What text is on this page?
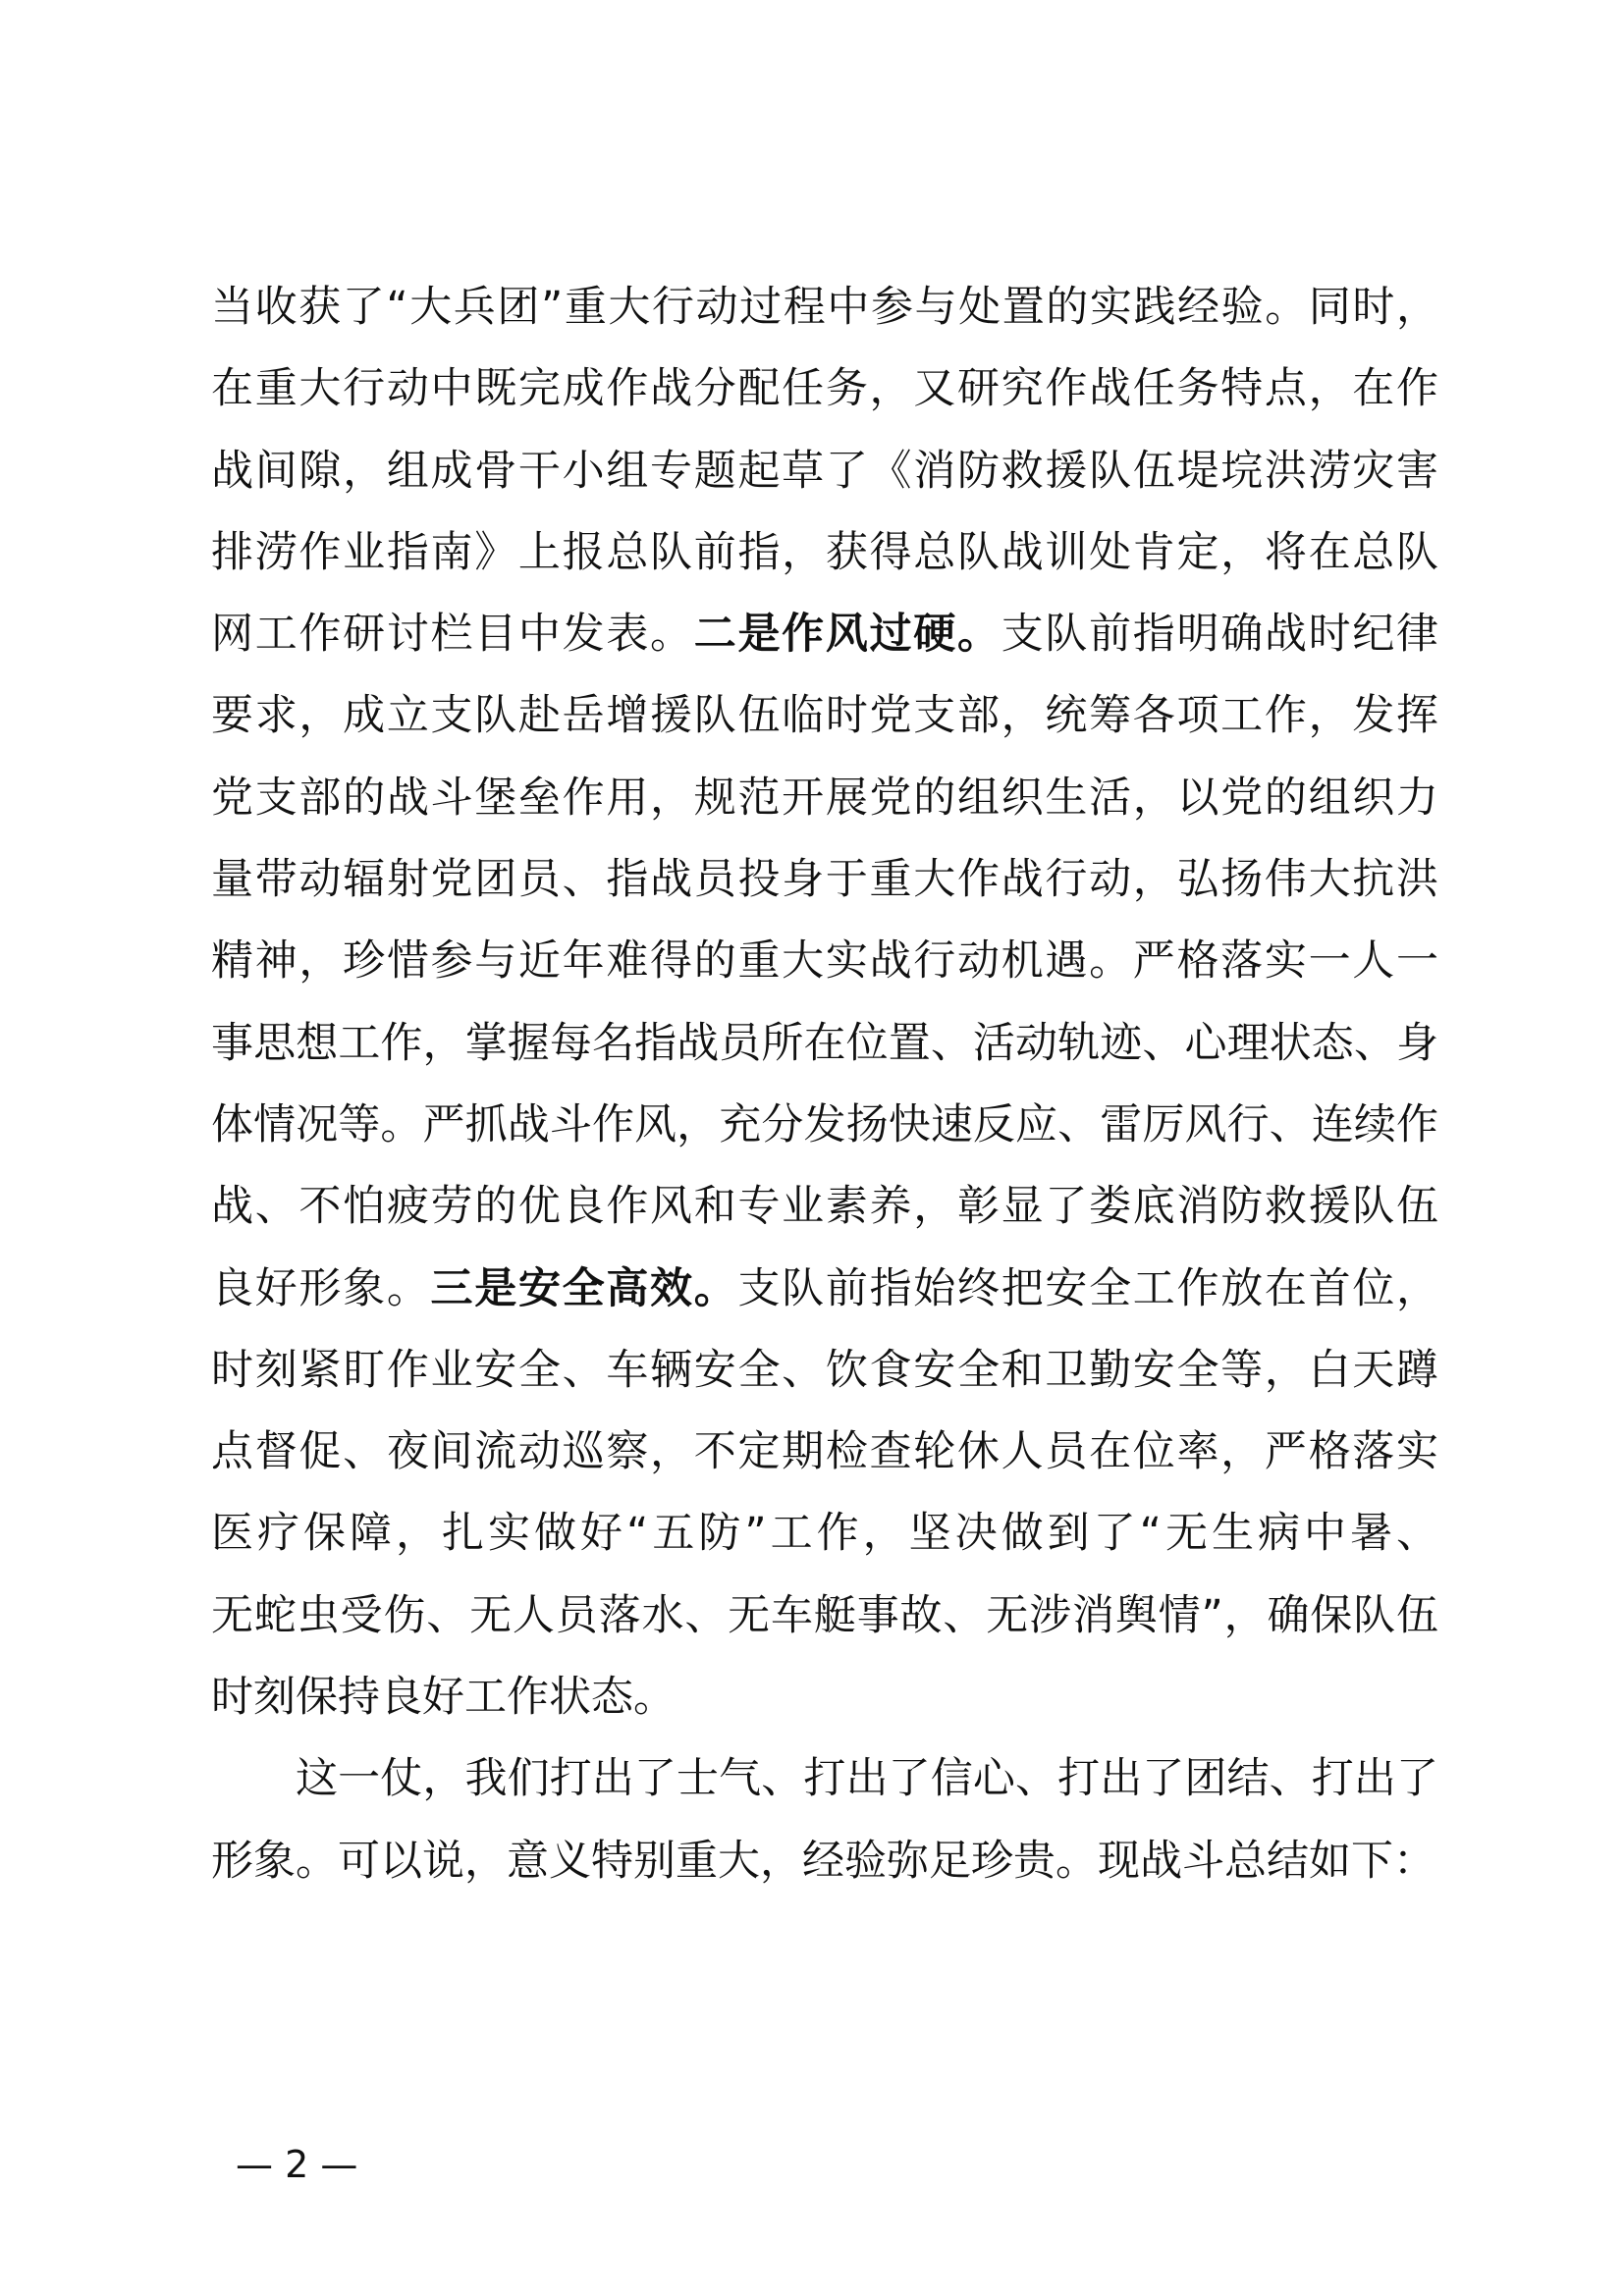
当收获了“大兵团”重大行动过程中参与处置的实践经验。同时，
在重大行动中既完成作战分配任务，又研究作战任务特点，在作
战间隙，组成骨干小组专题起草了《消防救援队伍堤垸洪涝灾害
排涝作业指南》上报总队前指，获得总队战训处肯定，将在总队
网工作研讨栏目中发表。二是作风过硬。支队前指明确战时纪律
要求，成立支队赴岳增援队伍临时党支部，统筹各项工作，发挥
党支部的战斗堡垒作用，规范开展党的组织生活，以党的组织力
量带动辐射党团员、指战员投身于重大作战行动，弘扬伟大抗洪
精神，珍惜参与近年难得的重大实战行动机遇。严格落实一人一
事思想工作，掌握每名指战员所在位置、活动轨迹、心理状态、身
体情况等。严抓战斗作风，充分发扬快速反应、雷厉风行、连续作
战、不怕疲劳的优良作风和专业素养，彰显了娄底消防救援队伍
良好形象。三是安全高效。支队前指始终把安全工作放在首位，
时刻紧盯作业安全、车辆安全、饮食安全和卫勤安全等，白天蹲
点督促、夜间流动巡察，不定期检查轮休人员在位率，严格落实
医疗保障，扎实做好“五防”工作，坚决做到了“无生病中暑、
无蛇虫受伤、无人员落水、无车艇事故、无涉消舆情”，确保队伍
时刻保持良好工作状态。
这一仗，我们打出了士气、打出了信心、打出了团结、打出了
形象。可以说，意义特别重大，经验弥足珍贵。现战斗总结如下：
— 2 —
